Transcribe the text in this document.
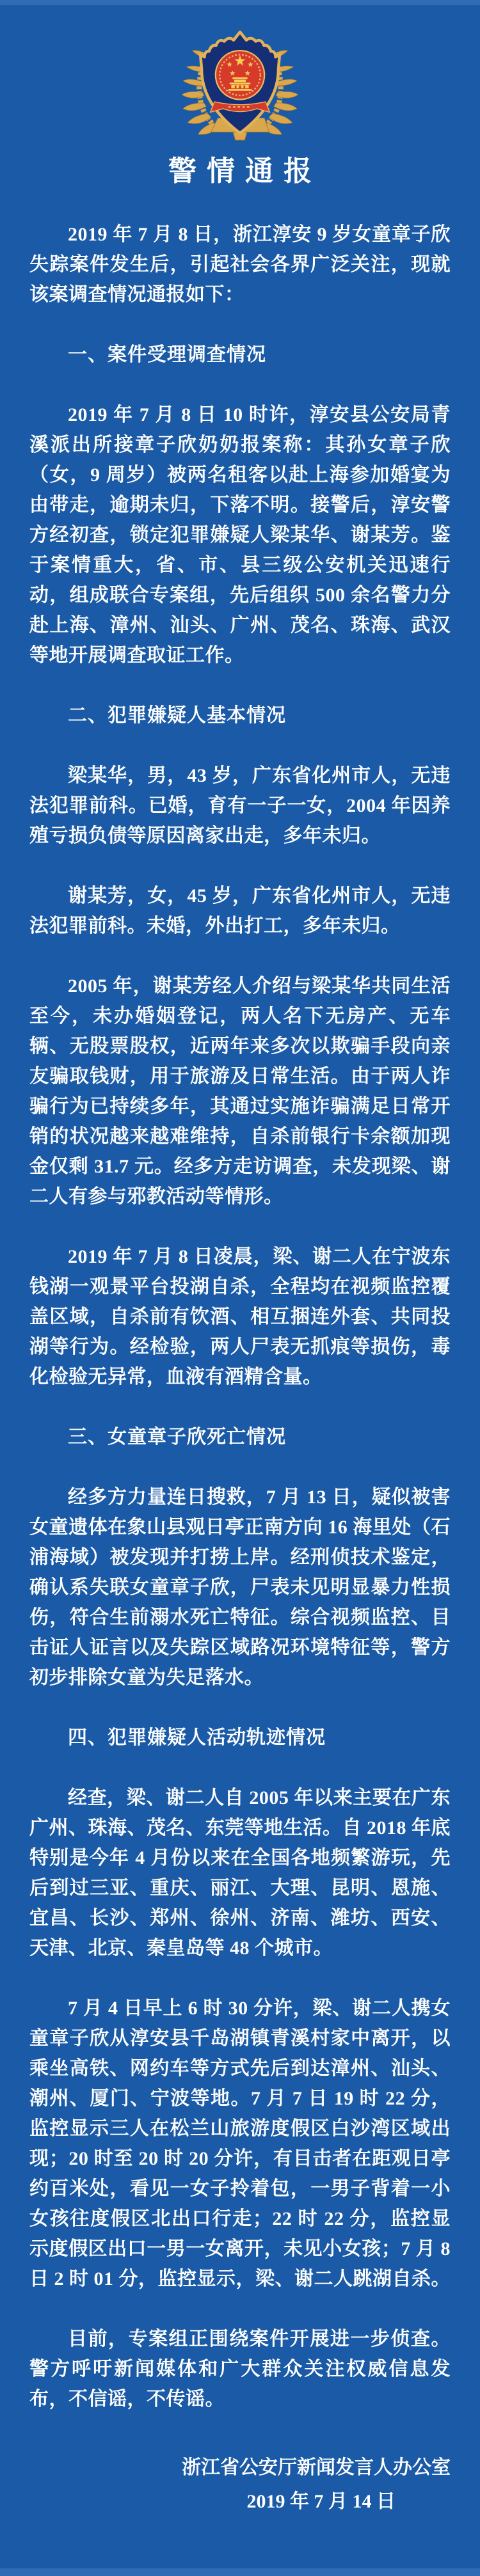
警情通报

2019 年 7 月 8 日，浙江淳安 9 岁女童章子欣失踪案件发生后，引起社会各界广泛关注，现就该案调查情况通报如下：

一、案件受理调查情况

2019 年 7 月 8 日 10 时许，淳安县公安局青溪派出所接章子欣奶奶报案称：其孙女章子欣（女，9 周岁）被两名租客以赴上海参加婚宴为由带走，逾期未归，下落不明。接警后，淳安警方经初查，锁定犯罪嫌疑人梁某华、谢某芳。鉴于案情重大，省、市、县三级公安机关迅速行动，组成联合专案组，先后组织 500 余名警力分赴上海、漳州、汕头、广州、茂名、珠海、武汉等地开展调查取证工作。

二、犯罪嫌疑人基本情况

梁某华，男，43 岁，广东省化州市人，无违法犯罪前科。已婚，育有一子一女，2004 年因养殖亏损负债等原因离家出走，多年未归。

谢某芳，女，45 岁，广东省化州市人，无违法犯罪前科。未婚，外出打工，多年未归。

2005 年，谢某芳经人介绍与梁某华共同生活至今，未办婚姻登记，两人名下无房产、无车辆、无股票股权，近两年来多次以欺骗手段向亲友骗取钱财，用于旅游及日常生活。由于两人诈骗行为已持续多年，其通过实施诈骗满足日常开销的状况越来越难维持，自杀前银行卡余额加现金仅剩 31.7 元。经多方走访调查，未发现梁、谢二人有参与邪教活动等情形。

2019 年 7 月 8 日凌晨，梁、谢二人在宁波东钱湖一观景平台投湖自杀，全程均在视频监控覆盖区域，自杀前有饮酒、相互捆连外套、共同投湖等行为。经检验，两人尸表无抓痕等损伤，毒化检验无异常，血液有酒精含量。

三、女童章子欣死亡情况

经多方力量连日搜救，7 月 13 日，疑似被害女童遗体在象山县观日亭正南方向 16 海里处（石浦海域）被发现并打捞上岸。经刑侦技术鉴定，确认系失联女童章子欣，尸表未见明显暴力性损伤，符合生前溺水死亡特征。综合视频监控、目击证人证言以及失踪区域路况环境特征等，警方初步排除女童为失足落水。

四、犯罪嫌疑人活动轨迹情况

经查，梁、谢二人自 2005 年以来主要在广东广州、珠海、茂名、东莞等地生活。自 2018 年底特别是今年 4 月份以来在全国各地频繁游玩，先后到过三亚、重庆、丽江、大理、昆明、恩施、宜昌、长沙、郑州、徐州、济南、潍坊、西安、天津、北京、秦皇岛等 48 个城市。

7 月 4 日早上 6 时 30 分许，梁、谢二人携女童章子欣从淳安县千岛湖镇青溪村家中离开，以乘坐高铁、网约车等方式先后到达漳州、汕头、潮州、厦门、宁波等地。7 月 7 日 19 时 22 分，监控显示三人在松兰山旅游度假区白沙湾区域出现；20 时至 20 时 20 分许，有目击者在距观日亭约百米处，看见一女子拎着包，一男子背着一小女孩往度假区北出口行走；22 时 22 分，监控显示度假区出口一男一女离开，未见小女孩；7 月 8 日 2 时 01 分，监控显示，梁、谢二人跳湖自杀。

目前，专案组正围绕案件开展进一步侦查。警方呼吁新闻媒体和广大群众关注权威信息发布，不信谣，不传谣。

浙江省公安厅新闻发言人办公室
2019 年 7 月 14 日
